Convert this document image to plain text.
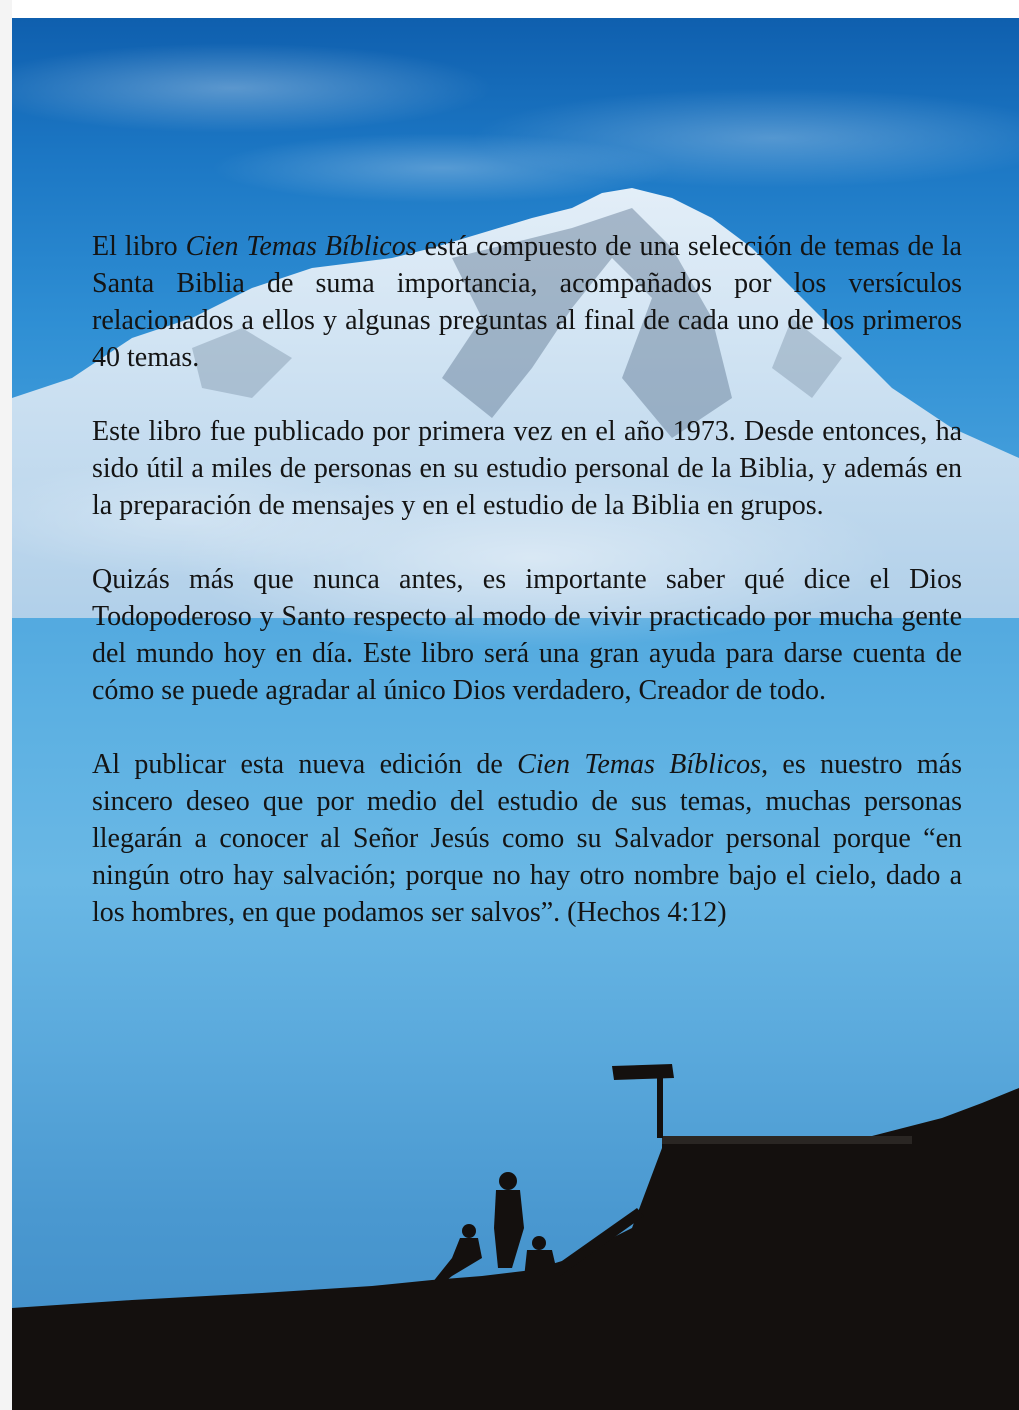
El libro Cien Temas Bíblicos está compuesto de una selección de temas de la Santa Biblia de suma importancia, acompañados por los versículos relacionados a ellos y algunas preguntas al final de cada uno de los primeros 40 temas.

Este libro fue publicado por primera vez en el año 1973. Desde entonces, ha sido útil a miles de personas en su estudio personal de la Biblia, y además en la preparación de mensajes y en el estudio de la Biblia en grupos.

Quizás más que nunca antes, es importante saber qué dice el Dios Todopoderoso y Santo respecto al modo de vivir practicado por mucha gente del mundo hoy en día. Este libro será una gran ayuda para darse cuenta de cómo se puede agradar al único Dios verdadero, Creador de todo.

Al publicar esta nueva edición de Cien Temas Bíblicos, es nuestro más sincero deseo que por medio del estudio de sus temas, muchas personas llegarán a conocer al Señor Jesús como su Salvador personal porque “en ningún otro hay salvación; porque no hay otro nombre bajo el cielo, dado a los hombres, en que podamos ser salvos”. (Hechos 4:12)
